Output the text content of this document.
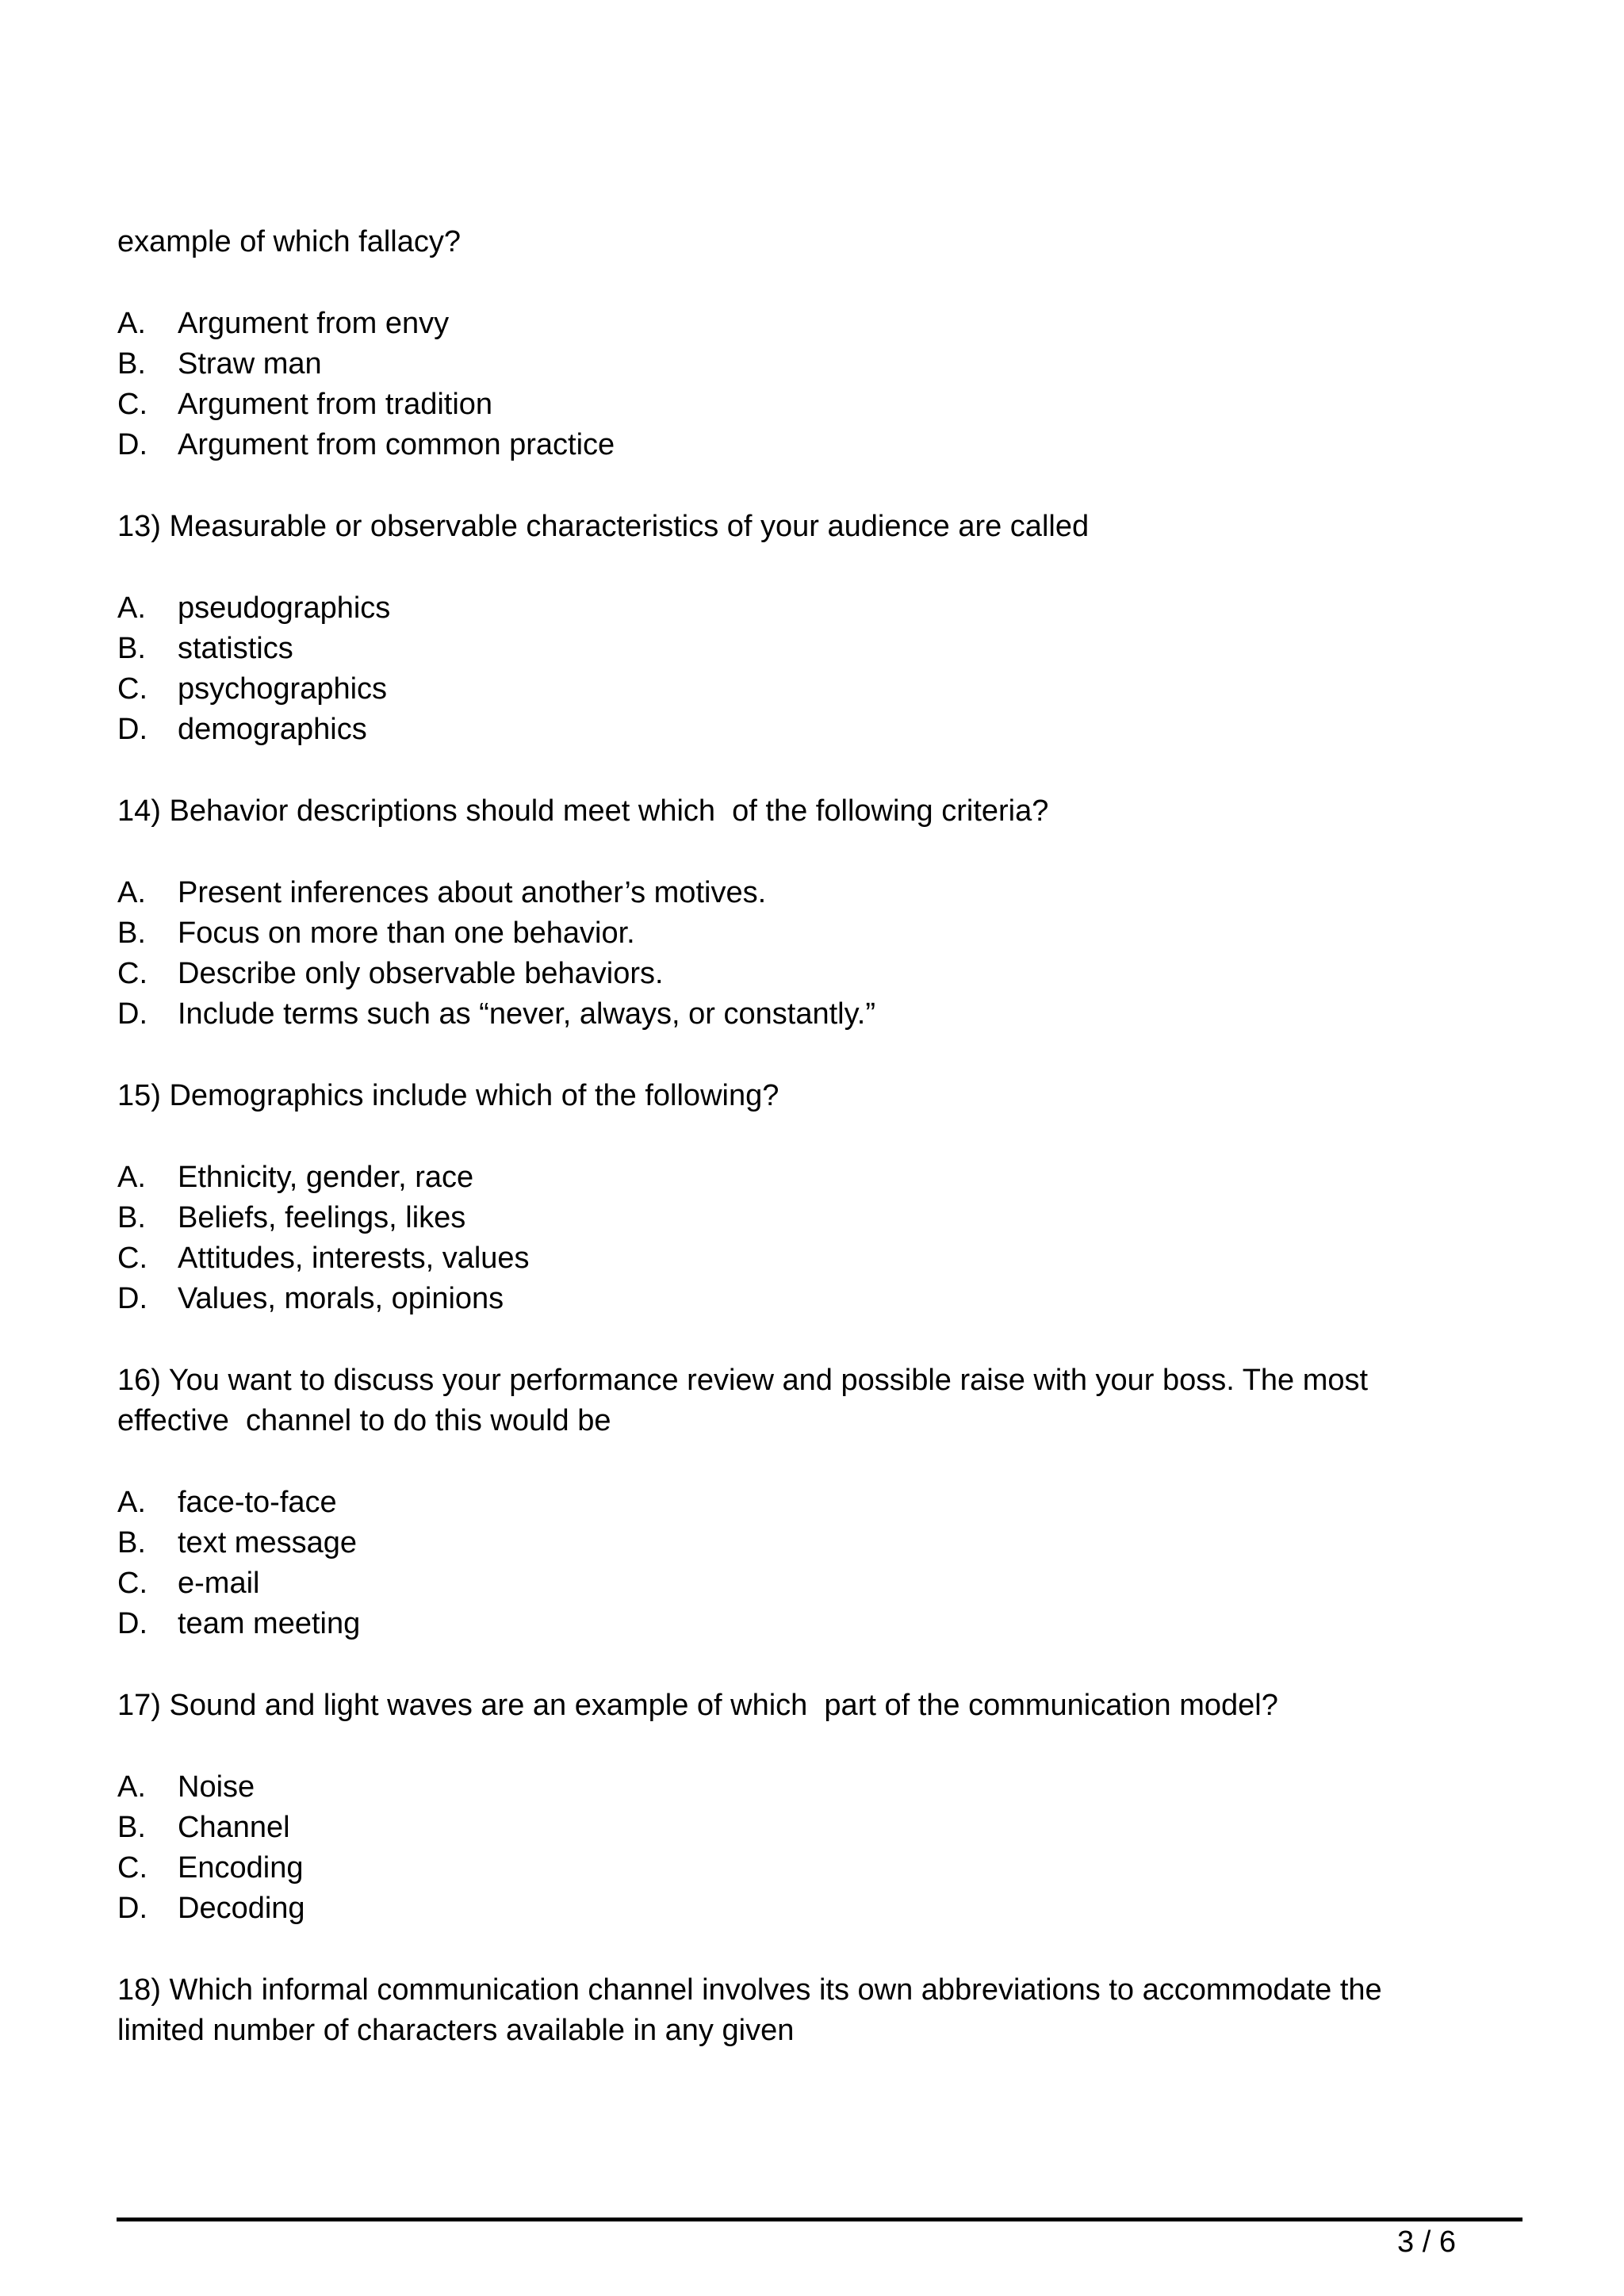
example of which fallacy?
A.	Argument from envy
B.	Straw man
C.	Argument from tradition
D.	Argument from common practice
13) Measurable or observable characteristics of your audience are called
A.	pseudographics
B.	statistics
C.	psychographics
D.	demographics
14) Behavior descriptions should meet which  of the following criteria?
A.	Present inferences about another’s motives.
B.	Focus on more than one behavior.
C.	Describe only observable behaviors.
D.	Include terms such as “never, always, or constantly.”
15) Demographics include which of the following?
A.	Ethnicity, gender, race
B.	Beliefs, feelings, likes
C.	Attitudes, interests, values
D.	Values, morals, opinions
16) You want to discuss your performance review and possible raise with your boss. The most
effective  channel to do this would be
A.	face-to-face
B.	text message
C.	e-mail
D.	team meeting
17) Sound and light waves are an example of which  part of the communication model?
A.	Noise
B.	Channel
C.	Encoding
D.	Decoding
18) Which informal communication channel involves its own abbreviations to accommodate the
limited number of characters available in any given
3 / 6
